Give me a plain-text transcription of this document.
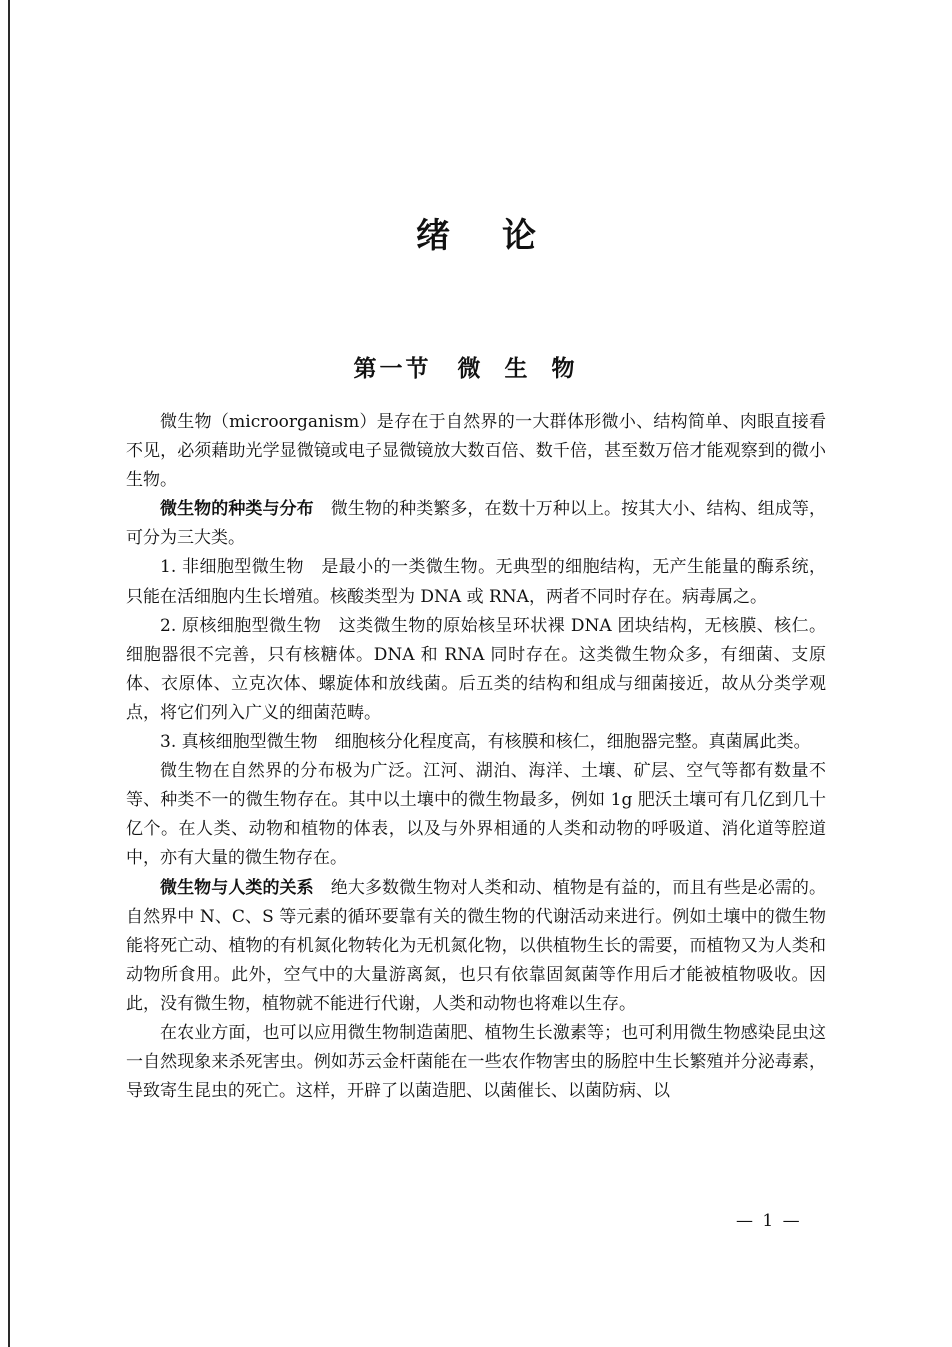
绪论
第一节 微生物

微生物（microorganism）是存在于自然界的一大群体形微小、结构简单、肉眼直接看不见，必须藉助光学显微镜或电子显微镜放大数百倍、数千倍，甚至数万倍才能观察到的微小生物。

微生物的种类与分布　微生物的种类繁多，在数十万种以上。按其大小、结构、组成等，可分为三大类。

1. 非细胞型微生物　是最小的一类微生物。无典型的细胞结构，无产生能量的酶系统，只能在活细胞内生长增殖。核酸类型为 DNA 或 RNA，两者不同时存在。病毒属之。

2. 原核细胞型微生物　这类微生物的原始核呈环状裸 DNA 团块结构，无核膜、核仁。细胞器很不完善，只有核糖体。DNA 和 RNA 同时存在。这类微生物众多，有细菌、支原体、衣原体、立克次体、螺旋体和放线菌。后五类的结构和组成与细菌接近，故从分类学观点，将它们列入广义的细菌范畴。

3. 真核细胞型微生物　细胞核分化程度高，有核膜和核仁，细胞器完整。真菌属此类。

微生物在自然界的分布极为广泛。江河、湖泊、海洋、土壤、矿层、空气等都有数量不等、种类不一的微生物存在。其中以土壤中的微生物最多，例如 1g 肥沃土壤可有几亿到几十亿个。在人类、动物和植物的体表，以及与外界相通的人类和动物的呼吸道、消化道等腔道中，亦有大量的微生物存在。

微生物与人类的关系　绝大多数微生物对人类和动、植物是有益的，而且有些是必需的。自然界中 N、C、S 等元素的循环要靠有关的微生物的代谢活动来进行。例如土壤中的微生物能将死亡动、植物的有机氮化物转化为无机氮化物，以供植物生长的需要，而植物又为人类和动物所食用。此外，空气中的大量游离氮，也只有依靠固氮菌等作用后才能被植物吸收。因此，没有微生物，植物就不能进行代谢，人类和动物也将难以生存。

在农业方面，也可以应用微生物制造菌肥、植物生长激素等；也可利用微生物感染昆虫这一自然现象来杀死害虫。例如苏云金杆菌能在一些农作物害虫的肠腔中生长繁殖并分泌毒素，导致寄生昆虫的死亡。这样，开辟了以菌造肥、以菌催长、以菌防病、以

— 1 —
